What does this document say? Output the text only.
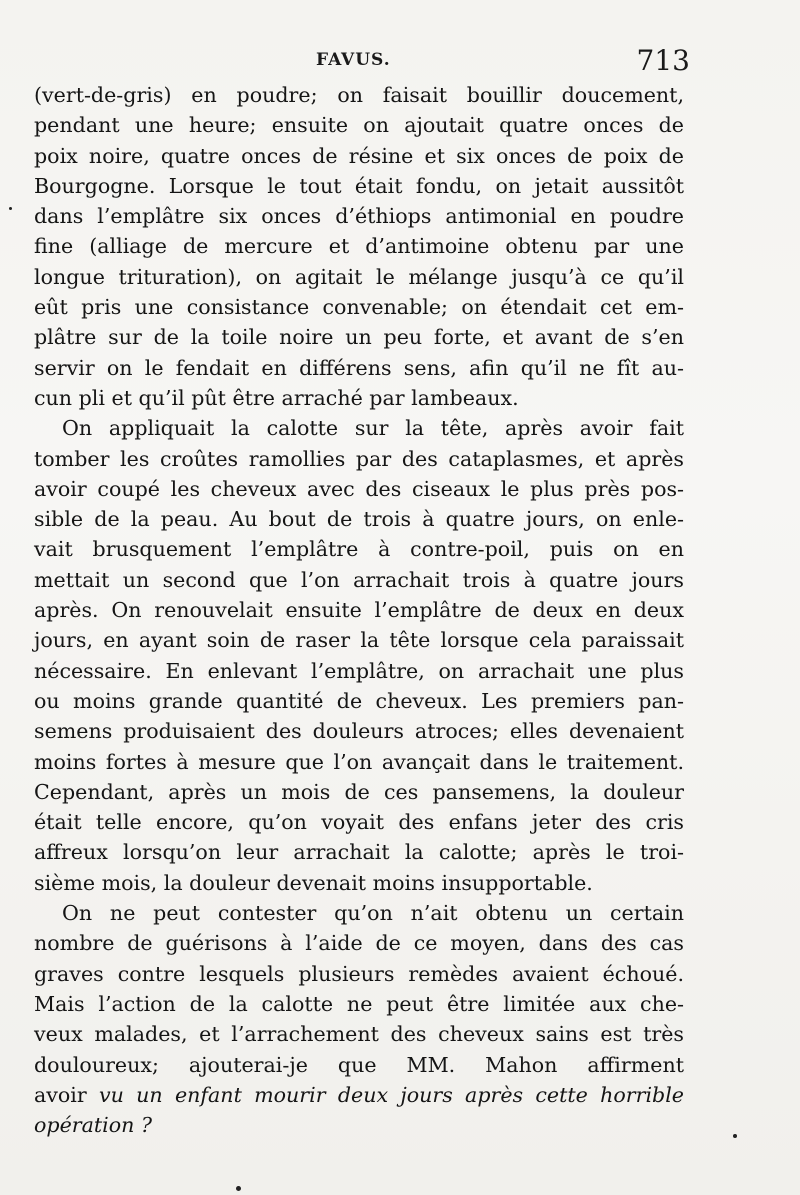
FAVUS.	713
(vert-de-gris) en poudre; on faisait bouillir doucement,
pendant une heure; ensuite on ajoutait quatre onces de
poix noire, quatre onces de résine et six onces de poix de
Bourgogne. Lorsque le tout était fondu, on jetait aussitôt
dans l’emplâtre six onces d’éthiops antimonial en poudre
fine (alliage de mercure et d’antimoine obtenu par une
longue trituration), on agitait le mélange jusqu’à ce qu’il
eût pris une consistance convenable; on étendait cet em-
plâtre sur de la toile noire un peu forte, et avant de s’en
servir on le fendait en différens sens, afin qu’il ne fît au-
cun pli et qu’il pût être arraché par lambeaux.
On appliquait la calotte sur la tête, après avoir fait
tomber les croûtes ramollies par des cataplasmes, et après
avoir coupé les cheveux avec des ciseaux le plus près pos-
sible de la peau. Au bout de trois à quatre jours, on enle-
vait brusquement l’emplâtre à contre-poil, puis on en
mettait un second que l’on arrachait trois à quatre jours
après. On renouvelait ensuite l’emplâtre de deux en deux
jours, en ayant soin de raser la tête lorsque cela paraissait
nécessaire. En enlevant l’emplâtre, on arrachait une plus
ou moins grande quantité de cheveux. Les premiers pan-
semens produisaient des douleurs atroces; elles devenaient
moins fortes à mesure que l’on avançait dans le traitement.
Cependant, après un mois de ces pansemens, la douleur
était telle encore, qu’on voyait des enfans jeter des cris
affreux lorsqu’on leur arrachait la calotte; après le troi-
sième mois, la douleur devenait moins insupportable.
On ne peut contester qu’on n’ait obtenu un certain
nombre de guérisons à l’aide de ce moyen, dans des cas
graves contre lesquels plusieurs remèdes avaient échoué.
Mais l’action de la calotte ne peut être limitée aux che-
veux malades, et l’arrachement des cheveux sains est très
douloureux; ajouterai-je que MM. Mahon affirment
avoir vu un enfant mourir deux jours après cette horrible
opération ?
